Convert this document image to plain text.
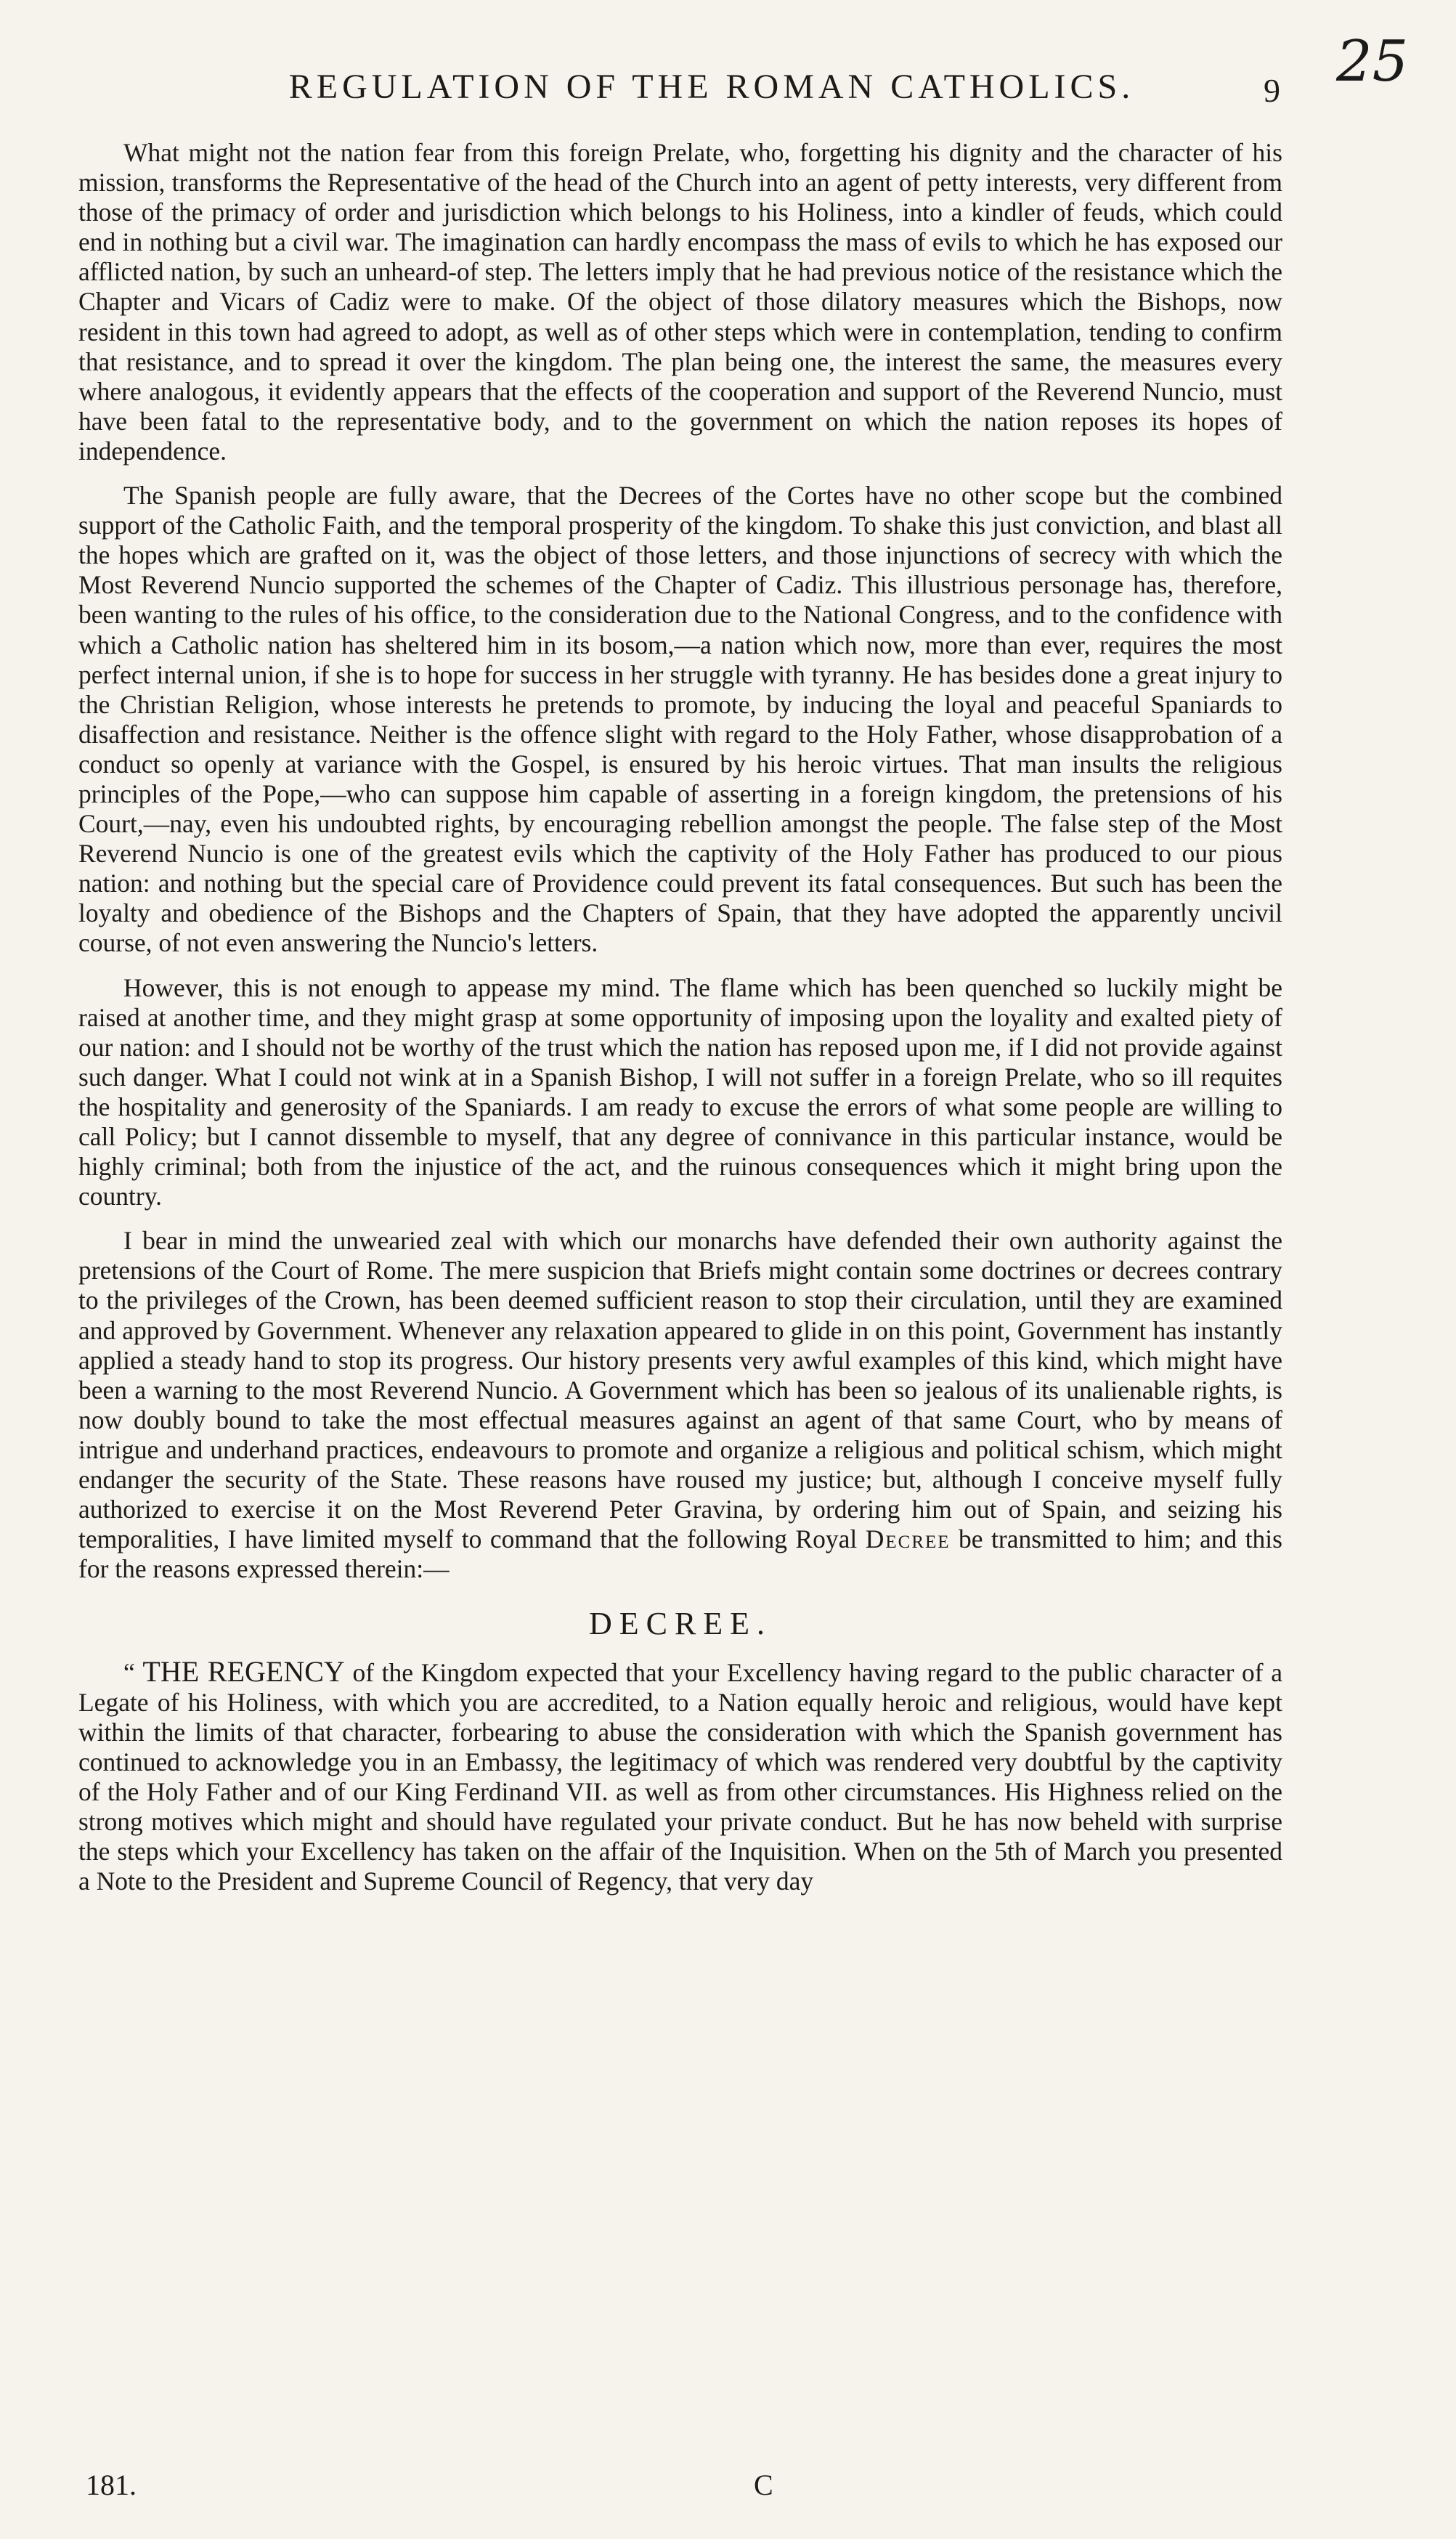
25
REGULATION OF THE ROMAN CATHOLICS.	9

What might not the nation fear from this foreign Prelate, who, forgetting his dignity and the character of his mission, transforms the Representative of the head of the Church into an agent of petty interests, very different from those of the primacy of order and jurisdiction which belongs to his Holiness, into a kindler of feuds, which could end in nothing but a civil war. The imagination can hardly encompass the mass of evils to which he has exposed our afflicted nation, by such an unheard-of step. The letters imply that he had previous notice of the resistance which the Chapter and Vicars of Cadiz were to make. Of the object of those dilatory measures which the Bishops, now resident in this town had agreed to adopt, as well as of other steps which were in contemplation, tending to confirm that resistance, and to spread it over the kingdom. The plan being one, the interest the same, the measures every where analogous, it evidently appears that the effects of the cooperation and support of the Reverend Nuncio, must have been fatal to the representative body, and to the government on which the nation reposes its hopes of independence.

The Spanish people are fully aware, that the Decrees of the Cortes have no other scope but the combined support of the Catholic Faith, and the temporal prosperity of the kingdom. To shake this just conviction, and blast all the hopes which are grafted on it, was the object of those letters, and those injunctions of secrecy with which the Most Reverend Nuncio supported the schemes of the Chapter of Cadiz. This illustrious personage has, therefore, been wanting to the rules of his office, to the consideration due to the National Congress, and to the confidence with which a Catholic nation has sheltered him in its bosom,—a nation which now, more than ever, requires the most perfect internal union, if she is to hope for success in her struggle with tyranny. He has besides done a great injury to the Christian Religion, whose interests he pretends to promote, by inducing the loyal and peaceful Spaniards to disaffection and resistance. Neither is the offence slight with regard to the Holy Father, whose disapprobation of a conduct so openly at variance with the Gospel, is ensured by his heroic virtues. That man insults the religious principles of the Pope,—who can suppose him capable of asserting in a foreign kingdom, the pretensions of his Court,—nay, even his undoubted rights, by encouraging rebellion amongst the people. The false step of the Most Reverend Nuncio is one of the greatest evils which the captivity of the Holy Father has produced to our pious nation: and nothing but the special care of Providence could prevent its fatal consequences. But such has been the loyalty and obedience of the Bishops and the Chapters of Spain, that they have adopted the apparently uncivil course, of not even answering the Nuncio's letters.

However, this is not enough to appease my mind. The flame which has been quenched so luckily might be raised at another time, and they might grasp at some opportunity of imposing upon the loyality and exalted piety of our nation: and I should not be worthy of the trust which the nation has reposed upon me, if I did not provide against such danger. What I could not wink at in a Spanish Bishop, I will not suffer in a foreign Prelate, who so ill requites the hospitality and generosity of the Spaniards. I am ready to excuse the errors of what some people are willing to call Policy; but I cannot dissemble to myself, that any degree of connivance in this particular instance, would be highly criminal; both from the injustice of the act, and the ruinous consequences which it might bring upon the country.

I bear in mind the unwearied zeal with which our monarchs have defended their own authority against the pretensions of the Court of Rome. The mere suspicion that Briefs might contain some doctrines or decrees contrary to the privileges of the Crown, has been deemed sufficient reason to stop their circulation, until they are examined and approved by Government. Whenever any relaxation appeared to glide in on this point, Government has instantly applied a steady hand to stop its progress. Our history presents very awful examples of this kind, which might have been a warning to the most Reverend Nuncio. A Government which has been so jealous of its unalienable rights, is now doubly bound to take the most effectual measures against an agent of that same Court, who by means of intrigue and underhand practices, endeavours to promote and organize a religious and political schism, which might endanger the security of the State. These reasons have roused my justice; but, although I conceive myself fully authorized to exercise it on the Most Reverend Peter Gravina, by ordering him out of Spain, and seizing his temporalities, I have limited myself to command that the following Royal Decree be transmitted to him; and this for the reasons expressed therein:—

DECREE.

“ THE REGENCY of the Kingdom expected that your Excellency having regard to the public character of a Legate of his Holiness, with which you are accredited, to a Nation equally heroic and religious, would have kept within the limits of that character, forbearing to abuse the consideration with which the Spanish government has continued to acknowledge you in an Embassy, the legitimacy of which was rendered very doubtful by the captivity of the Holy Father and of our King Ferdinand VII. as well as from other circumstances. His Highness relied on the strong motives which might and should have regulated your private conduct. But he has now beheld with surprise the steps which your Excellency has taken on the affair of the Inquisition. When on the 5th of March you presented a Note to the President and Supreme Council of Regency, that very day

181.	C
